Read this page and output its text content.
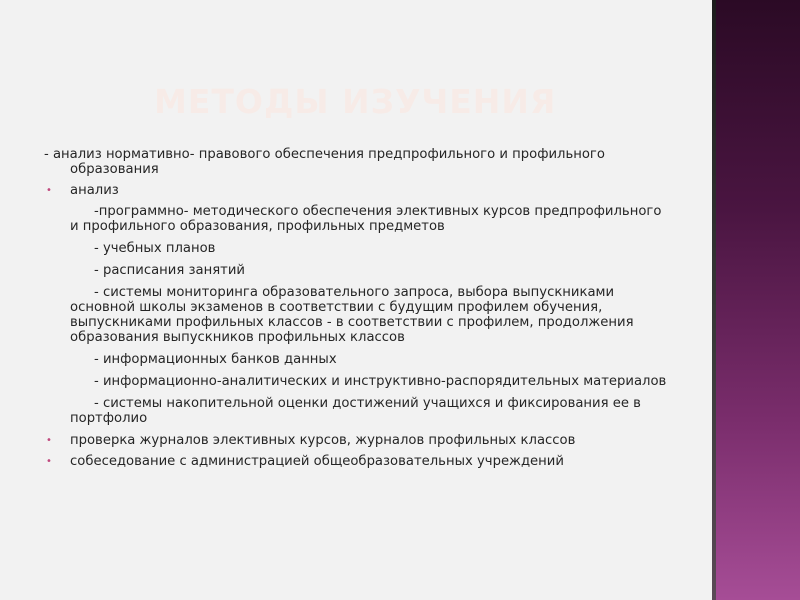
МЕТОДЫ ИЗУЧЕНИЯ
- анализ нормативно- правового обеспечения предпрофильного и профильного образования
• анализ
-программно- методического обеспечения элективных курсов предпрофильного и профильного образования, профильных предметов
- учебных планов
- расписания занятий
- системы мониторинга образовательного запроса, выбора выпускниками основной школы экзаменов в соответствии с будущим профилем обучения, выпускниками профильных классов - в соответствии с профилем, продолжения образования выпускников профильных классов
- информационных банков данных
- информационно-аналитических и инструктивно-распорядительных материалов
- системы накопительной оценки достижений учащихся и фиксирования ее в портфолио
• проверка журналов элективных курсов, журналов профильных классов
• собеседование с администрацией общеобразовательных учреждений
